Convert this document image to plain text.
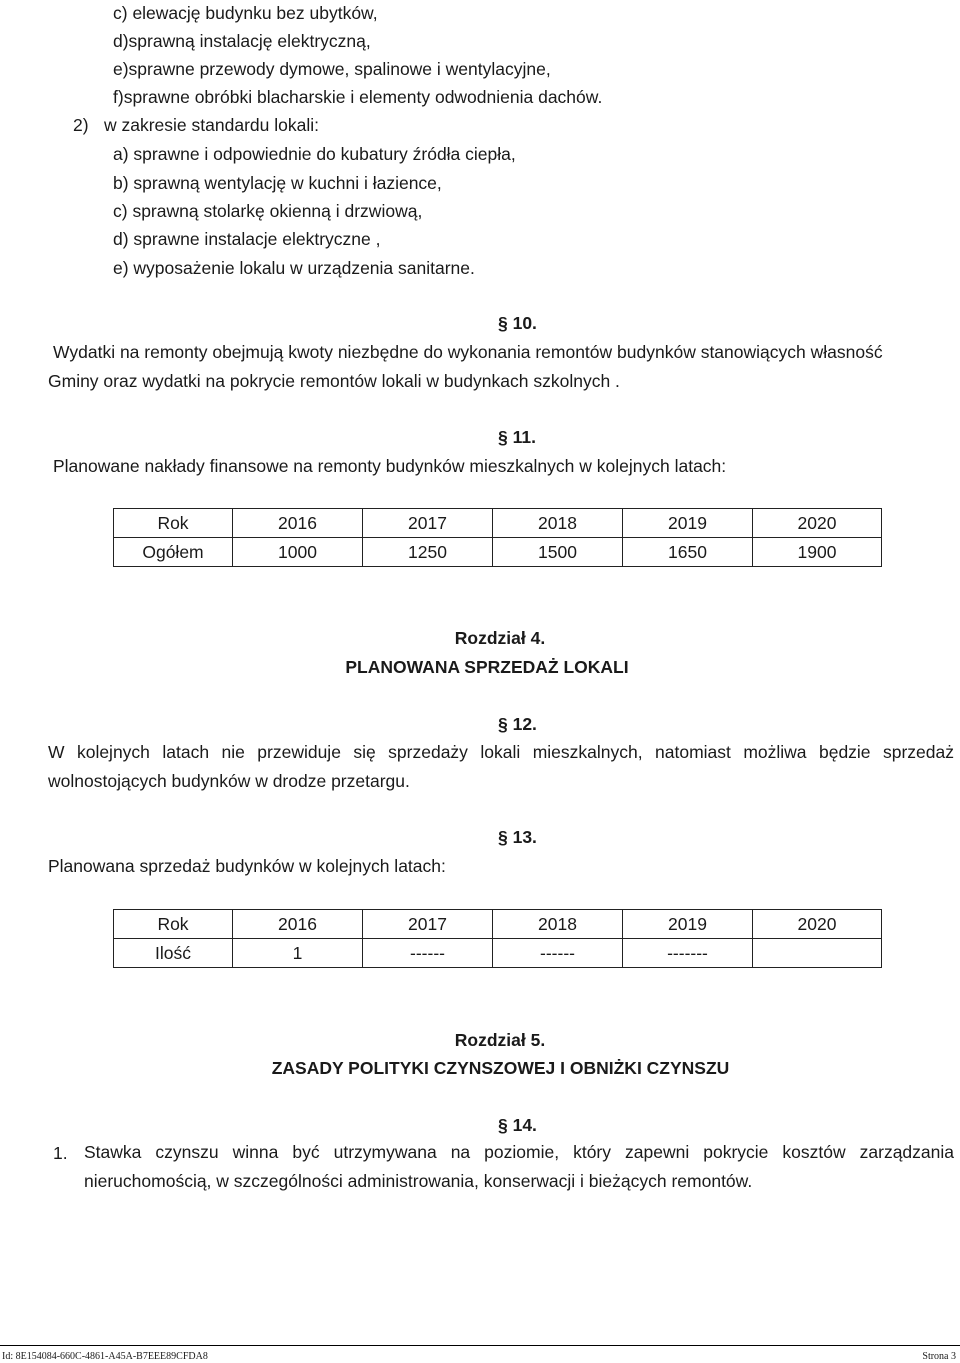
c) elewację budynku bez ubytków,
d)sprawną instalację elektryczną,
e)sprawne przewody dymowe, spalinowe i wentylacyjne,
f)sprawne obróbki blacharskie i elementy odwodnienia dachów.
2) w zakresie standardu lokali:
a) sprawne i odpowiednie do kubatury źródła ciepła,
b) sprawną wentylację w kuchni i łazience,
c) sprawną stolarkę okienną i drzwiową,
d) sprawne instalacje elektryczne ,
e) wyposażenie lokalu w urządzenia sanitarne.
§ 10.
Wydatki na remonty obejmują kwoty niezbędne do wykonania remontów budynków stanowiących własność
Gminy oraz wydatki na pokrycie remontów lokali w budynkach szkolnych .
§ 11.
Planowane nakłady finansowe na remonty budynków mieszkalnych w kolejnych latach:
Rok	2016	2017	2018	2019	2020
Ogółem	1000	1250	1500	1650	1900
Rozdział 4.
PLANOWANA SPRZEDAŻ LOKALI
§ 12.
W kolejnych latach nie przewiduje się sprzedaży lokali mieszkalnych, natomiast możliwa będzie sprzedaż wolnostojących budynków w drodze przetargu.
§ 13.
Planowana sprzedaż budynków w kolejnych latach:
Rok	2016	2017	2018	2019	2020
Ilość	1	------	------	-------	
Rozdział 5.
ZASADY POLITYKI CZYNSZOWEJ I OBNIŻKI CZYNSZU
§ 14.
1. Stawka czynszu winna być utrzymywana na poziomie, który zapewni pokrycie kosztów zarządzania nieruchomością, w szczególności administrowania, konserwacji i bieżących remontów.
Id: 8E154084-660C-4861-A45A-B7EEE89CFDA8	Strona 3
